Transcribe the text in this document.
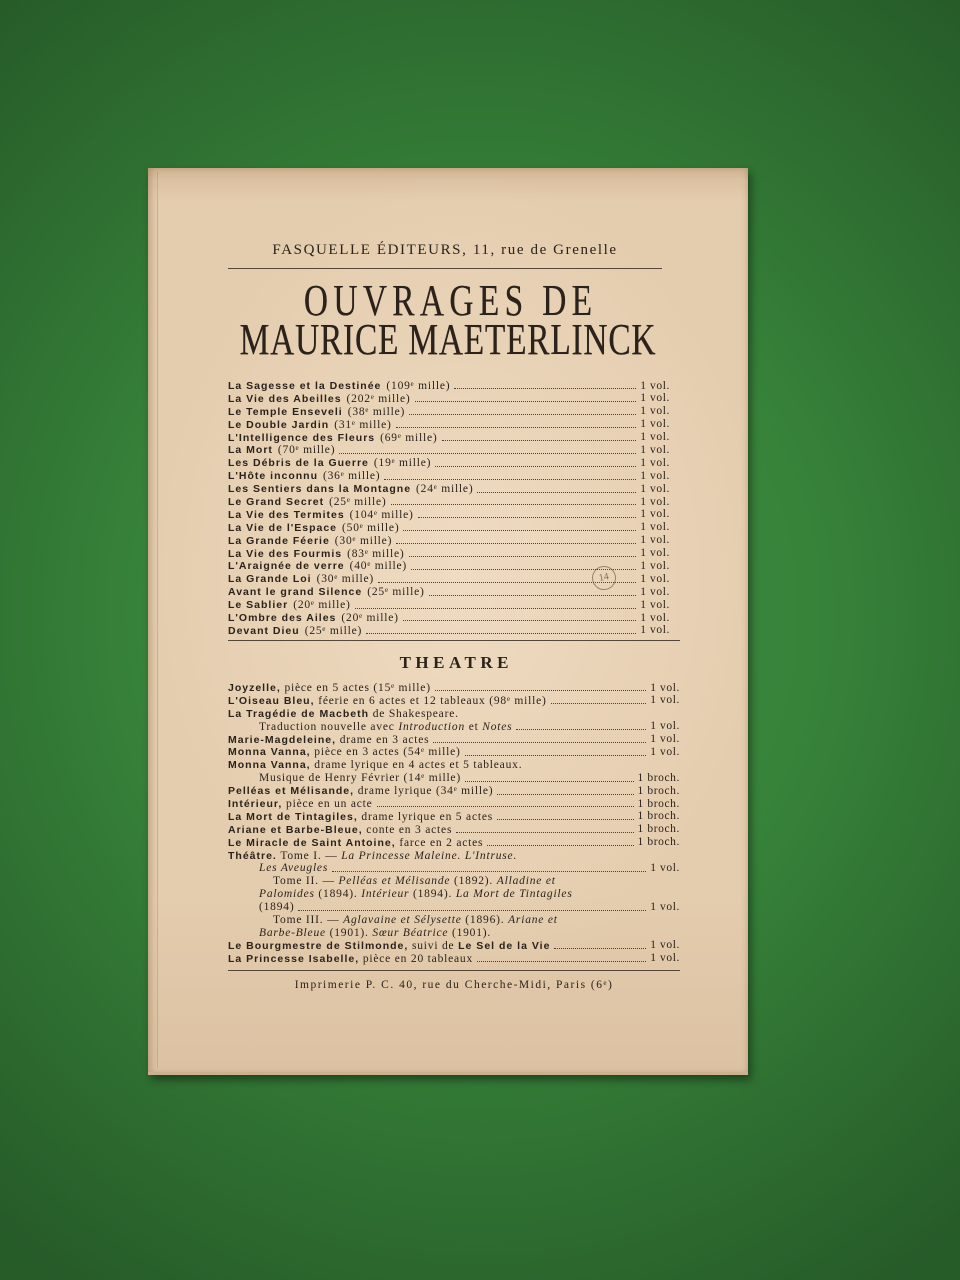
FASQUELLE ÉDITEURS, 11, rue de Grenelle
OUVRAGES DE
MAURICE MAETERLINCK
La Sagesse et la Destinée (109ᵉ mille)	1 vol.
La Vie des Abeilles (202ᵉ mille)	1 vol.
Le Temple Enseveli (38ᵉ mille)	1 vol.
Le Double Jardin (31ᵉ mille)	1 vol.
L'Intelligence des Fleurs (69ᵉ mille)	1 vol.
La Mort (70ᵉ mille)	1 vol.
Les Débris de la Guerre (19ᵉ mille)	1 vol.
L'Hôte inconnu (36ᵉ mille)	1 vol.
Les Sentiers dans la Montagne (24ᵉ mille)	1 vol.
Le Grand Secret (25ᵉ mille)	1 vol.
La Vie des Termites (104ᵉ mille)	1 vol.
La Vie de l'Espace (50ᵉ mille)	1 vol.
La Grande Féerie (30ᵉ mille)	1 vol.
La Vie des Fourmis (83ᵉ mille)	1 vol.
L'Araignée de verre (40ᵉ mille)	1 vol.
La Grande Loi (30ᵉ mille)	1 vol.
Avant le grand Silence (25ᵉ mille)	1 vol.
Le Sablier (20ᵉ mille)	1 vol.
L'Ombre des Ailes (20ᵉ mille)	1 vol.
Devant Dieu (25ᵉ mille)	1 vol.
THEATRE
Joyzelle, pièce en 5 actes (15ᵉ mille)	1 vol.
L'Oiseau Bleu, féerie en 6 actes et 12 tableaux (98ᵉ mille)	1 vol.
La Tragédie de Macbeth de Shakespeare.
Traduction nouvelle avec Introduction et Notes	1 vol.
Marie-Magdeleine, drame en 3 actes	1 vol.
Monna Vanna, pièce en 3 actes (54ᵉ mille)	1 vol.
Monna Vanna, drame lyrique en 4 actes et 5 tableaux.
Musique de Henry Février (14ᵉ mille)	1 broch.
Pelléas et Mélisande, drame lyrique (34ᵉ mille)	1 broch.
Intérieur, pièce en un acte	1 broch.
La Mort de Tintagiles, drame lyrique en 5 actes	1 broch.
Ariane et Barbe-Bleue, conte en 3 actes	1 broch.
Le Miracle de Saint Antoine, farce en 2 actes	1 broch.
Théâtre. Tome I. — La Princesse Maleine. L'Intruse.
Les Aveugles	1 vol.
Tome II. — Pelléas et Mélisande (1892). Alladine et
Palomides (1894). Intérieur (1894). La Mort de Tintagiles
(1894)	1 vol.
Tome III. — Aglavaine et Sélysette (1896). Ariane et
Barbe-Bleue (1901). Sœur Béatrice (1901).
Le Bourgmestre de Stilmonde, suivi de Le Sel de la Vie	1 vol.
La Princesse Isabelle, pièce en 20 tableaux	1 vol.
Imprimerie P. C. 40, rue du Cherche-Midi, Paris (6ᵉ)
14
